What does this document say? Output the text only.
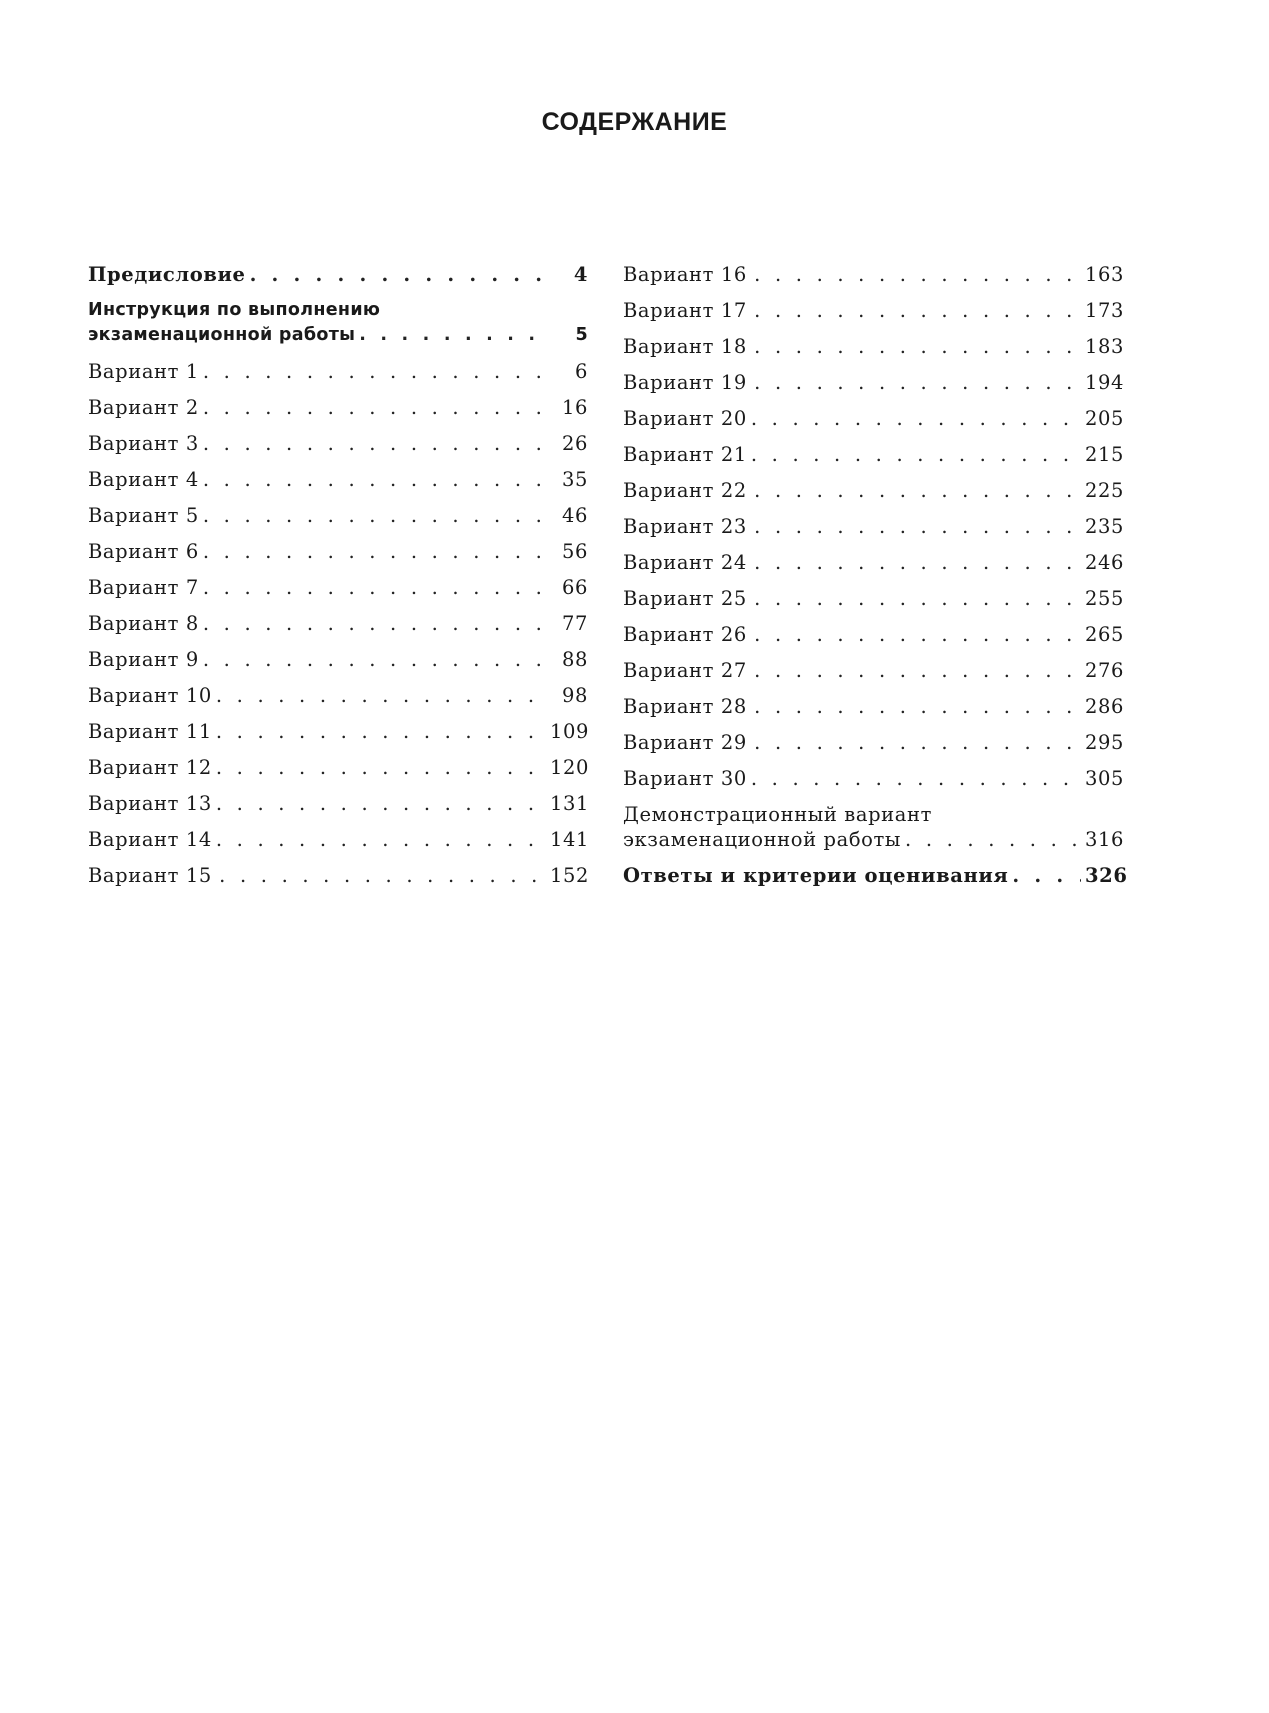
СОДЕРЖАНИЕ
Предисловие . . .	4
Инструкция по выполнению
экзаменационной работы . . .	5
Вариант 1 . . .	6
Вариант 2 . . .	16
Вариант 3 . . .	26
Вариант 4 . . .	35
Вариант 5 . . .	46
Вариант 6 . . .	56
Вариант 7 . . .	66
Вариант 8 . . .	77
Вариант 9 . . .	88
Вариант 10 . . .	98
Вариант 11 . . .	109
Вариант 12 . . .	120
Вариант 13 . . .	131
Вариант 14 . . .	141
Вариант 15 . . .	152
Вариант 16 . . .	163
Вариант 17 . . .	173
Вариант 18 . . .	183
Вариант 19 . . .	194
Вариант 20 . . .	205
Вариант 21 . . .	215
Вариант 22 . . .	225
Вариант 23 . . .	235
Вариант 24 . . .	246
Вариант 25 . . .	255
Вариант 26 . . .	265
Вариант 27 . . .	276
Вариант 28 . . .	286
Вариант 29 . . .	295
Вариант 30 . . .	305
Демонстрационный вариант
экзаменационной работы . . .	316
Ответы и критерии оценивания . . .	326
